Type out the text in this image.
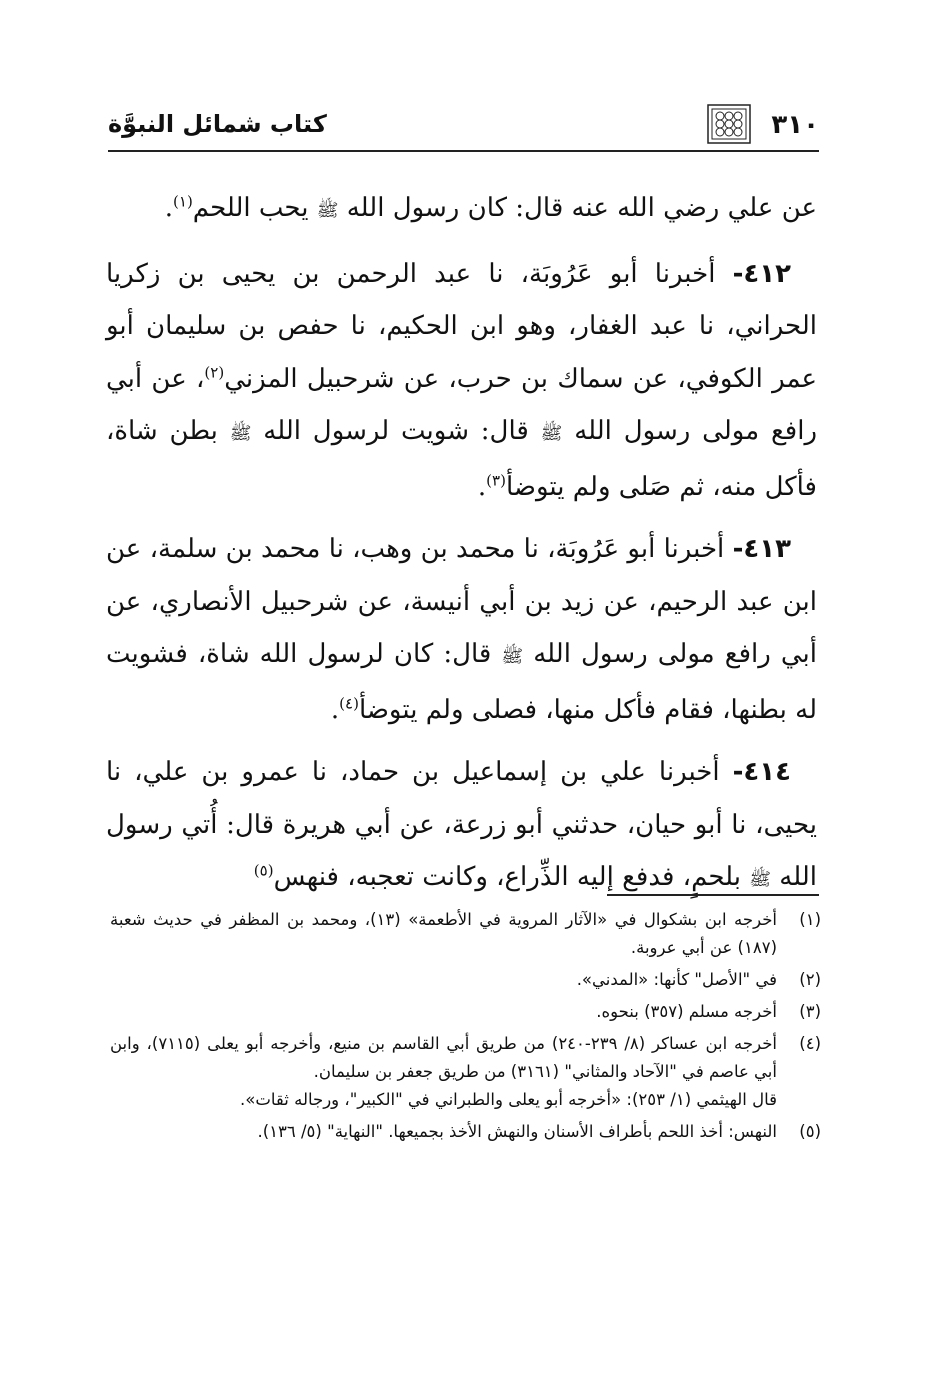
٣١٠
كتاب شمائل النبوَّة

عن علي رضي الله عنه قال: كان رسول الله ﷺ يحب اللحم$^{(١)}$.

٤١٢- أخبرنا أبو عَرُوبَة، نا عبد الرحمن بن يحيى بن زكريا الحراني، نا عبد الغفار، وهو ابن الحكيم، نا حفص بن سليمان أبو عمر الكوفي، عن سماك بن حرب، عن شرحبيل المزني$^{(٢)}$، عن أبي رافع مولى رسول الله ﷺ قال: شويت لرسول الله ﷺ بطن شاة، فأكل منه، ثم صَلى ولم يتوضأ$^{(٣)}$.

٤١٣- أخبرنا أبو عَرُوبَة، نا محمد بن وهب، نا محمد بن سلمة، عن ابن عبد الرحيم، عن زيد بن أبي أنيسة، عن شرحبيل الأنصاري، عن أبي رافع مولى رسول الله ﷺ قال: كان لرسول الله شاة، فشويت له بطنها، فقام فأكل منها، فصلى ولم يتوضأ$^{(٤)}$.

٤١٤- أخبرنا علي بن إسماعيل بن حماد، نا عمرو بن علي، نا يحيى، نا أبو حيان، حدثني أبو زرعة، عن أبي هريرة قال: أُتي رسول الله ﷺ بلحمٍ، فدفع إليه الذِّراع، وكانت تعجبه، فنهس$^{(٥)}$

(١)
أخرجه ابن بشكوال في «الآثار المروية في الأطعمة» (١٣)، ومحمد بن المظفر في حديث شعبة (١٨٧) عن أبي عروبة.
(٢)
في "الأصل" كأنها: «المدني».
(٣)
أخرجه مسلم (٣٥٧) بنحوه.
(٤)
أخرجه ابن عساكر (٨/ ٢٣٩-٢٤٠) من طريق أبي القاسم بن منيع، وأخرجه أبو يعلى (٧١١٥)، وابن أبي عاصم في "الآحاد والمثاني" (٣١٦١) من طريق جعفر بن سليمان.
قال الهيثمي (١/ ٢٥٣): «أخرجه أبو يعلى والطبراني في "الكبير"، ورجاله ثقات».
(٥)
النهس: أخذ اللحم بأطراف الأسنان والنهش الأخذ بجميعها. "النهاية" (٥/ ١٣٦).
